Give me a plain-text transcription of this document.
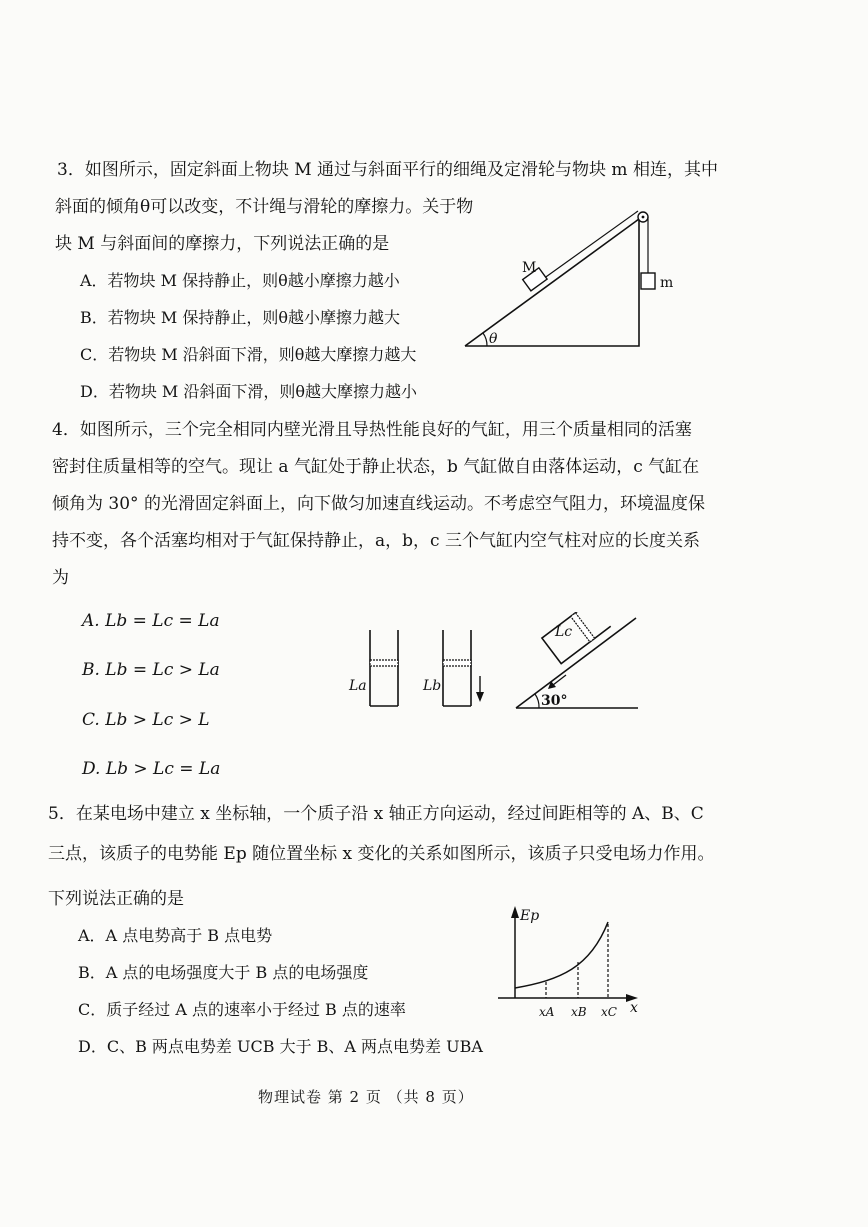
3．如图所示，固定斜面上物块 M 通过与斜面平行的细绳及定滑轮与物块 m 相连，其中
斜面的倾角θ可以改变，不计绳与滑轮的摩擦力。关于物
块 M 与斜面间的摩擦力，下列说法正确的是
A．若物块 M 保持静止，则θ越小摩擦力越小
B．若物块 M 保持静止，则θ越小摩擦力越大
C．若物块 M 沿斜面下滑，则θ越大摩擦力越大
D．若物块 M 沿斜面下滑，则θ越大摩擦力越小
M
m
θ
4．如图所示，三个完全相同内壁光滑且导热性能良好的气缸，用三个质量相同的活塞
密封住质量相等的空气。现让 a 气缸处于静止状态，b 气缸做自由落体运动，c 气缸在
倾角为 30° 的光滑固定斜面上，向下做匀加速直线运动。不考虑空气阻力，环境温度保
持不变，各个活塞均相对于气缸保持静止，a，b，c 三个气缸内空气柱对应的长度关系
为
A. Lb = Lc = La
B. Lb = Lc > La
C. Lb > Lc > L
D. Lb > Lc = La
La	Lb
Lc
30°
5．在某电场中建立 x 坐标轴，一个质子沿 x 轴正方向运动，经过间距相等的 A、B、C
三点，该质子的电势能 Ep 随位置坐标 x 变化的关系如图所示，该质子只受电场力作用。
下列说法正确的是
A．A 点电势高于 B 点电势
B．A 点的电场强度大于 B 点的电场强度
C．质子经过 A 点的速率小于经过 B 点的速率
D．C、B 两点电势差 UCB 大于 B、A 两点电势差 UBA
Ep
x
xA xB xC
物理试卷 第 2 页 （共 8 页）
